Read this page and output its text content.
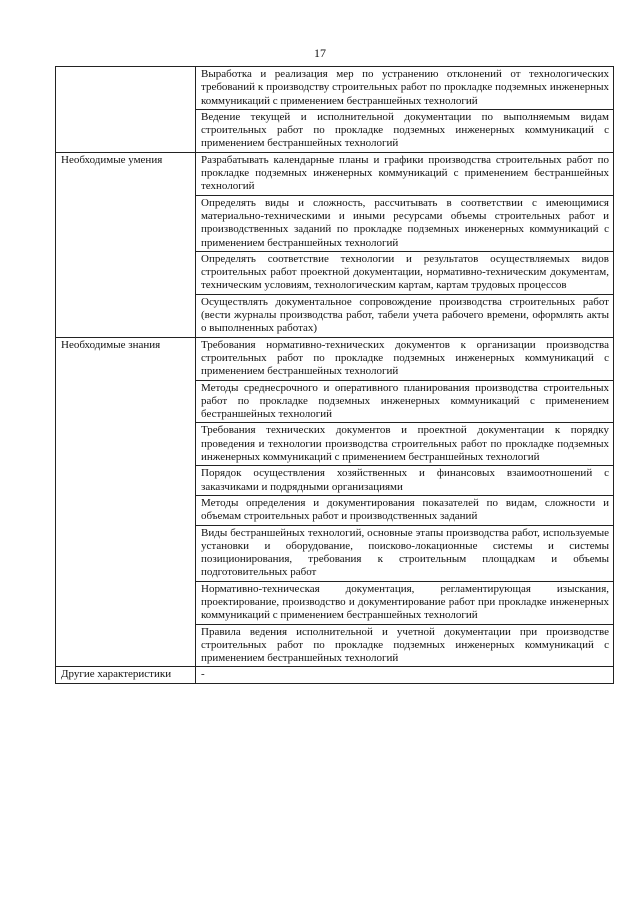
17
	Выработка и реализация мер по устранению отклонений от технологических требований к производству строительных работ по прокладке подземных инженерных коммуникаций с применением бестраншейных технологий
	Ведение текущей и исполнительной документации по выполняемым видам строительных работ по прокладке подземных инженерных коммуникаций с применением бестраншейных технологий

Необходимые умения	Разрабатывать календарные планы и графики производства строительных работ по прокладке подземных инженерных коммуникаций с применением бестраншейных технологий
	Определять виды и сложность, рассчитывать в соответствии с имеющимися материально-техническими и иными ресурсами объемы строительных работ и производственных заданий по прокладке подземных инженерных коммуникаций с применением бестраншейных технологий
	Определять соответствие технологии и результатов осуществляемых видов строительных работ проектной документации, нормативно-техническим документам, техническим условиям, технологическим картам, картам трудовых процессов
	Осуществлять документальное сопровождение производства строительных работ (вести журналы производства работ, табели учета рабочего времени, оформлять акты о выполненных работах)

Необходимые знания	Требования нормативно-технических документов к организации производства строительных работ по прокладке подземных инженерных коммуникаций с применением бестраншейных технологий
	Методы среднесрочного и оперативного планирования производства строительных работ по прокладке подземных инженерных коммуникаций с применением бестраншейных технологий
	Требования технических документов и проектной документации к порядку проведения и технологии производства строительных работ по прокладке подземных инженерных коммуникаций с применением бестраншейных технологий
	Порядок осуществления хозяйственных и финансовых взаимоотношений с заказчиками и подрядными организациями
	Методы определения и документирования показателей по видам, сложности и объемам строительных работ и производственных заданий
	Виды бестраншейных технологий, основные этапы производства работ, используемые установки и оборудование, поисково-локационные системы и системы позиционирования, требования к строительным площадкам и объемы подготовительных работ
	Нормативно-техническая документация, регламентирующая изыскания, проектирование, производство и документирование работ при прокладке инженерных коммуникаций с применением бестраншейных технологий
	Правила ведения исполнительной и учетной документации при производстве строительных работ по прокладке подземных инженерных коммуникаций с применением бестраншейных технологий

Другие характеристики	-
